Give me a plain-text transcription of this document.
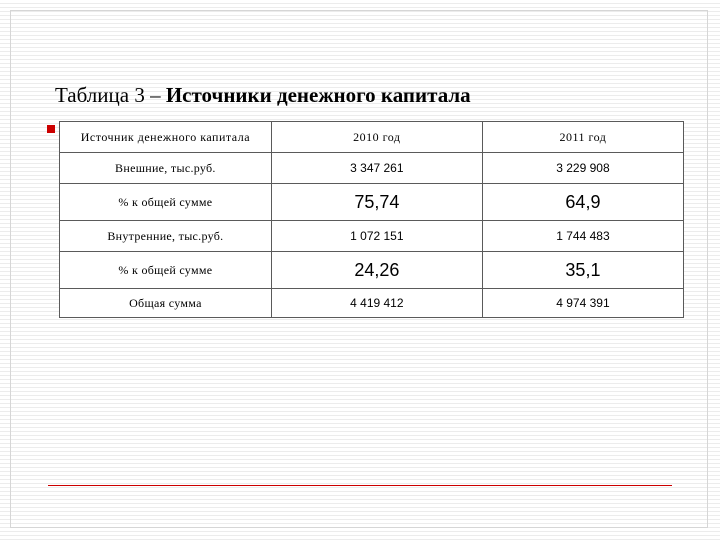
Таблица 3 – Источники денежного капитала
Источник денежного капитала	2010 год	2011 год
Внешние, тыс.руб.	3 347 261	3 229 908
% к общей сумме	75,74	64,9
Внутренние, тыс.руб.	1 072 151	1 744 483
% к общей сумме	24,26	35,1
Общая сумма	4 419 412	4 974 391
